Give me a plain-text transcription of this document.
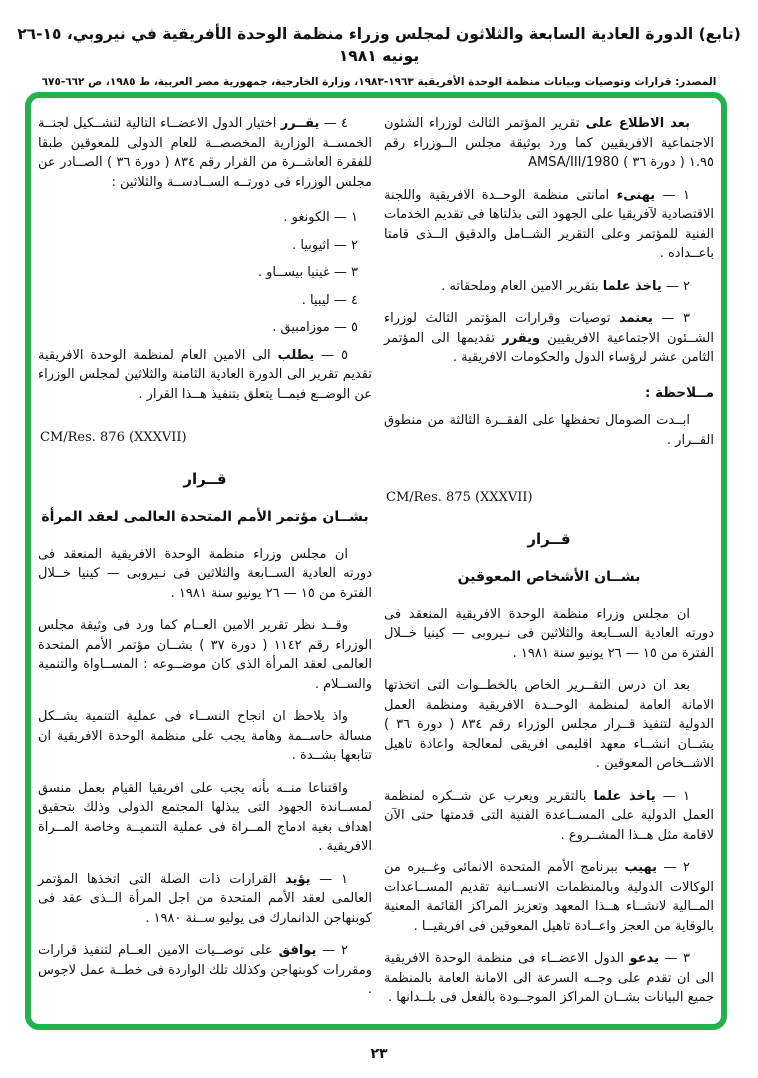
(تابع) الدورة العادية السابعة والثلاثون لمجلس وزراء منظمة الوحدة الأفريقية في نيروبي، ١٥-٢٦ يونيه ١٩٨١
المصدر: قرارات وتوصيات وبيانات منظمة الوحدة الأفريقية ١٩٦٣-١٩٨٣، وزارة الخارجية، جمهورية مصر العربية، ط ١٩٨٥، ص ٦٦٢-٦٧٥
بعد الاطلاع على تقرير المؤتمر الثالث لوزراء الشئون الاجتماعية الافريقيين كما ورد بوثيقة مجلس الــوزراء رقم ١.٩٥ ( دورة ٣٦ ) AMSA/III/1980
١ — يهنىء امانتى منظمة الوحــدة الافريقية واللجنة الاقتصادية لآفريقيا على الجهود التى بذلتاها فى تقديم الخدمات الفنية للمؤتمر وعلى التقرير الشــامل والدقيق الــذى قامتا باعــداده .
٢ — ياخذ علما بتقرير الامين العام وملحقاته .
٣ — يعتمد توصيات وقرارات المؤتمر الثالث لوزراء الشــئون الاجتماعية الافريقيين ويقرر تقديمها الى المؤتمر الثامن عشر لرؤساء الدول والحكومات الافريقية .
مــلاحظة :
ابــدت الصومال تحفظها على الفقــرة الثالثة من منطوق القــرار .
CM/Res. 875 (XXXVII)
قــرار
بشــان الأشخاص المعوقين
ان مجلس وزراء منظمة الوحدة الافريقية المنعقد فى دورته العادية الســابعة والثلاثين فى نـيروبى — كينيا خــلال الفترة من ١٥ — ٢٦ يونيو سنة ١٩٨١ .
بعد ان درس التقــرير الخاص بالخطــوات التى اتخذتها الامانة العامة لمنظمة الوحــدة الافريقية ومنظمة العمل الدولية لتنفيذ قــرار مجلس الوزراء رقم ٨٣٤ ( دورة ٣٦ ) بشــان انشــاء معهد اقليمى افريقى لمعالجة واعادة تاهيل الاشــخاص المعوقين .
١ — ياخذ علما بالتقرير ويعرب عن شــكره لمنظمة العمل الدولية على المســاعدة الفنية التى قدمتها حتى الآن لاقامة مثل هــذا المشــروع .
٢ — يهيب ببرنامج الأمم المتحدة الانمائى وغــيره من الوكالات الدولية وبالمنظمات الانســانية تقديم المســاعدات المــالية لانشــاء هــذا المعهد وتعزيز المراكز القائمة المعنية بالوقاية من العجز واعــادة تاهيل المعوقين فى افريقيــا .
٣ — يدعو الدول الاعضــاء فى منظمة الوحدة الافريقية الى ان تقدم على وجــه السرعة الى الامانة العامة بالمنظمة جميع البيانات بشــان المراكز الموجــودة بالفعل فى بلــدانها .
٤ — يقــرر اختيار الدول الاعضــاء التالية لتشــكيل لجنــة الخمســة الوزارية المخصصــة للعام الدولى للمعوقين طبقا للفقرة العاشــرة من القرار رقم ٨٣٤ ( دورة ٣٦ ) الصــادر عن مجلس الوزراء فى دورتــه الســادســة والثلاثين :
١ — الكونغو .
٢ — اثيوبيا .
٣ — غينيا بيســاو .
٤ — ليبيا .
٥ — موزامبيق .
٥ — يطلب الى الامين العام لمنظمة الوحدة الافريقية تقديم تقرير الى الدورة العادية الثامنة والثلاثين لمجلس الوزراء عن الوضــع فيمــا يتعلق بتنفيذ هــذا القرار .
CM/Res. 876 (XXXVII)
قــرار
بشــان مؤتمر الأمم المتحدة العالمى لعقد المرأة
ان مجلس وزراء منظمة الوحدة الافريقية المنعقد فى دورته العادية الســابعة والثلاثين فى نـيروبى — كينيا خــلال الفترة من ١٥ — ٢٦ يونيو سنة ١٩٨١ .
وقــد نظر تقرير الامين العــام كما ورد فى وثيقة مجلس الوزراء رقم ١١٤٢ ( دورة ٣٧ ) بشــان مؤتمر الأمم المتحدة العالمى لعقد المرأة الذى كان موضــوعه : المســاواة والتنمية والســلام .
واذ يلاحظ ان انجاح النســاء فى عملية التنمية يشــكل مسالة حاســمة وهامة يجب على منظمة الوحدة الافريقية ان تتابعها بشــدة .
واقتناعا منــه بأنه يجب على افريقيا القيام بعمل منسق لمســاندة الجهود التى يبذلها المجتمع الدولى وذلك بتحقيق اهداف بغية ادماج المــراة فى عملية التنميــة وخاصة المــراة الافريقية .
١ — يؤيد القرارات ذات الصلة التى اتخذها المؤتمر العالمى لعقد الأمم المتحدة من اجل المرأة الــذى عقد فى كوبنهاجن الدانمارك فى يوليو ســنة ١٩٨٠ .
٢ — يوافق على توصــيات الامين العــام لتنفيذ قرارات ومقررات كوبنهاجن وكذلك تلك الواردة فى خطــة عمل لاجوس .
٢٣
